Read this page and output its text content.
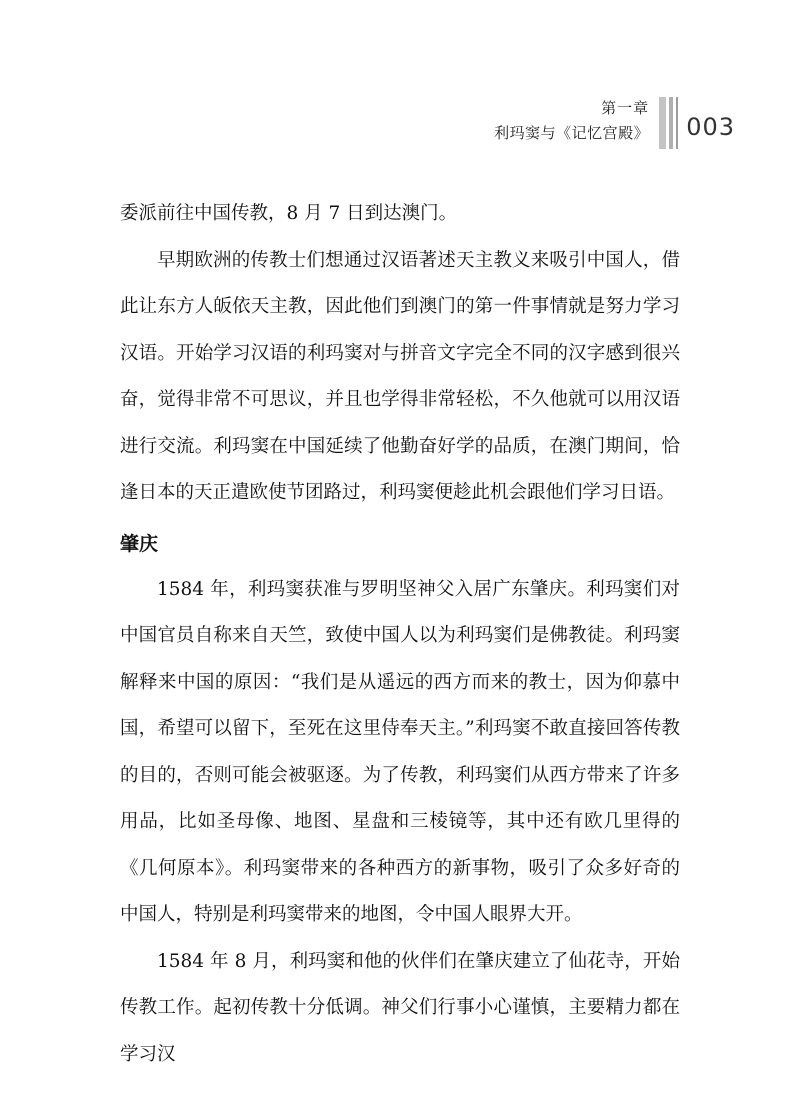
第一章
利玛窦与《记忆宫殿》 003

委派前往中国传教，8 月 7 日到达澳门。

早期欧洲的传教士们想通过汉语著述天主教义来吸引中国人，借此让东方人皈依天主教，因此他们到澳门的第一件事情就是努力学习汉语。开始学习汉语的利玛窦对与拼音文字完全不同的汉字感到很兴奋，觉得非常不可思议，并且也学得非常轻松，不久他就可以用汉语进行交流。利玛窦在中国延续了他勤奋好学的品质，在澳门期间，恰逢日本的天正遣欧使节团路过，利玛窦便趁此机会跟他们学习日语。

肇庆

1584 年，利玛窦获准与罗明坚神父入居广东肇庆。利玛窦们对中国官员自称来自天竺，致使中国人以为利玛窦们是佛教徒。利玛窦解释来中国的原因：“我们是从遥远的西方而来的教士，因为仰慕中国，希望可以留下，至死在这里侍奉天主。”利玛窦不敢直接回答传教的目的，否则可能会被驱逐。为了传教，利玛窦们从西方带来了许多用品，比如圣母像、地图、星盘和三棱镜等，其中还有欧几里得的《几何原本》。利玛窦带来的各种西方的新事物，吸引了众多好奇的中国人，特别是利玛窦带来的地图，令中国人眼界大开。

1584 年 8 月，利玛窦和他的伙伴们在肇庆建立了仙花寺，开始传教工作。起初传教十分低调。神父们行事小心谨慎，主要精力都在学习汉
